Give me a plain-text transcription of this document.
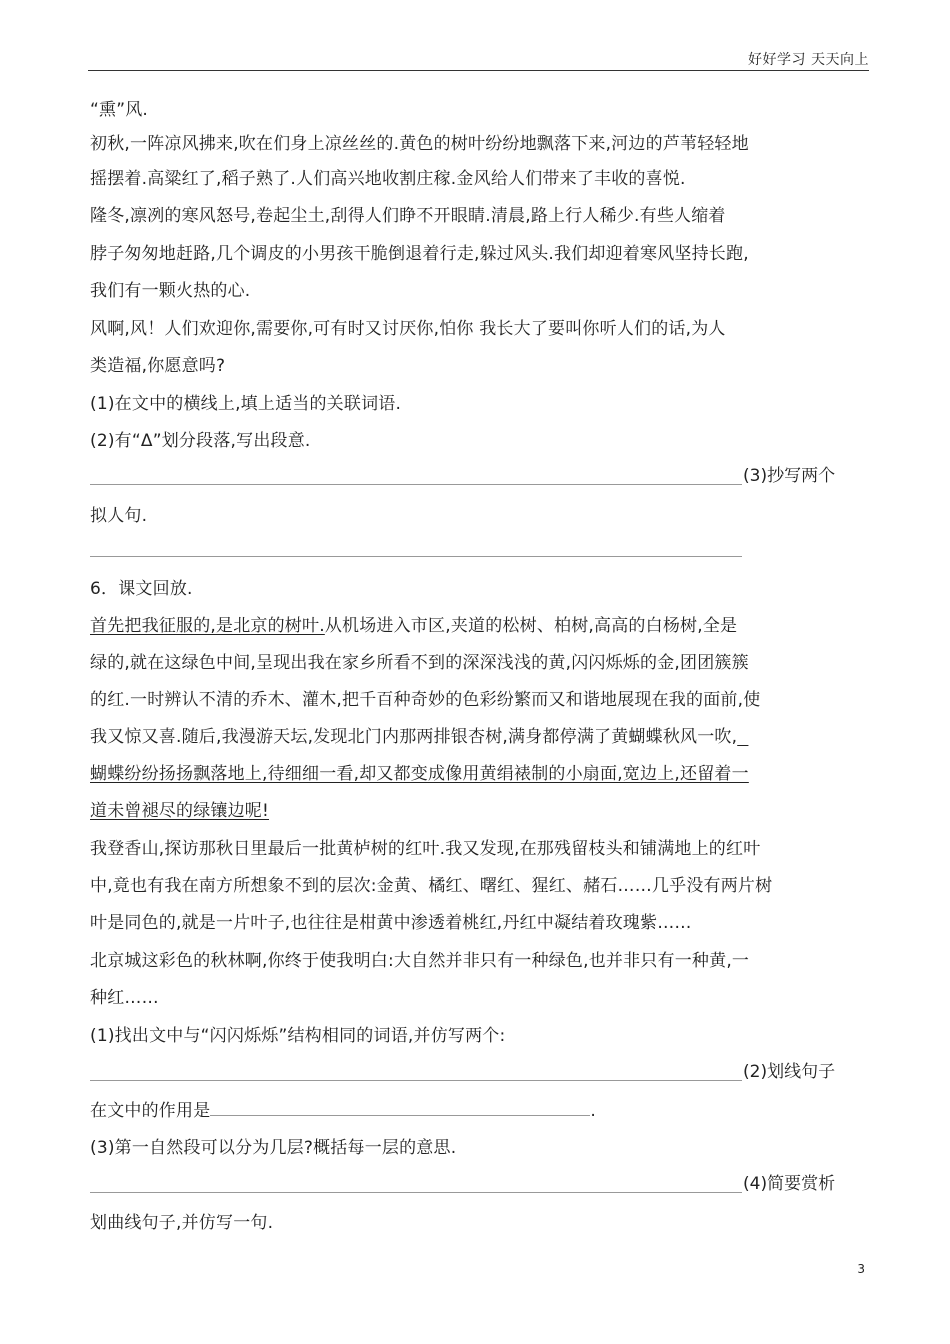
好好学习 天天向上
“熏”风.
初秋,一阵凉风拂来,吹在们身上凉丝丝的.黄色的树叶纷纷地飘落下来,河边的芦苇轻轻地
摇摆着.高粱红了,稻子熟了.人们高兴地收割庄稼.金风给人们带来了丰收的喜悦.
隆冬,凛冽的寒风怒号,卷起尘土,刮得人们睁不开眼睛.清晨,路上行人稀少.有些人缩着
脖子匆匆地赶路,几个调皮的小男孩干脆倒退着行走,躲过风头.我们却迎着寒风坚持长跑,
我们有一颗火热的心.
风啊,风！人们欢迎你,需要你,可有时又讨厌你,怕你 我长大了要叫你听人们的话,为人
类造福,你愿意吗?
(1)在文中的横线上,填上适当的关联词语.
(2)有“Δ”划分段落,写出段意.
(3)抄写两个
拟人句.
6．课文回放.
首先把我征服的,是北京的树叶.从机场进入市区,夹道的松树、柏树,高高的白杨树,全是
绿的,就在这绿色中间,呈现出我在家乡所看不到的深深浅浅的黄,闪闪烁烁的金,团团簇簇
的红.一时辨认不清的乔木、灌木,把千百种奇妙的色彩纷繁而又和谐地展现在我的面前,使
我又惊又喜.随后,我漫游天坛,发现北门内那两排银杏树,满身都停满了黄蝴蝶秋风一吹,
蝴蝶纷纷扬扬飘落地上,待细细一看,却又都变成像用黄绢裱制的小扇面,宽边上,还留着一
道未曾褪尽的绿镶边呢!
我登香山,探访那秋日里最后一批黄栌树的红叶.我又发现,在那残留枝头和铺满地上的红叶
中,竟也有我在南方所想象不到的层次:金黄、橘红、曙红、猩红、赭石……几乎没有两片树
叶是同色的,就是一片叶子,也往往是柑黄中渗透着桃红,丹红中凝结着玫瑰紫……
北京城这彩色的秋林啊,你终于使我明白:大自然并非只有一种绿色,也并非只有一种黄,一
种红……
(1)找出文中与“闪闪烁烁”结构相同的词语,并仿写两个:
(2)划线句子
在文中的作用是	.
(3)第一自然段可以分为几层?概括每一层的意思.
(4)简要赏析
划曲线句子,并仿写一句.
3
